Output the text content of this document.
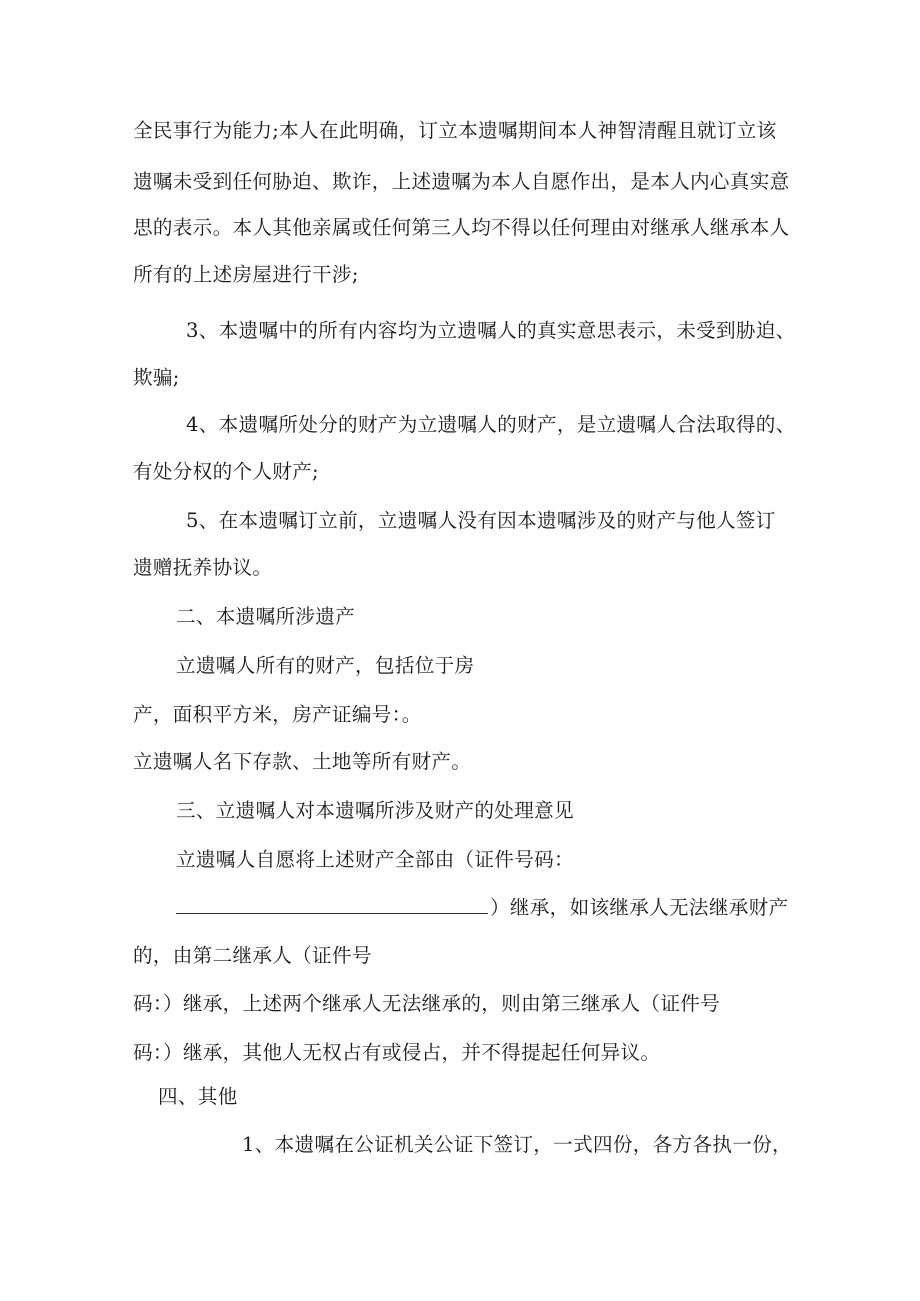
全民事行为能力;本人在此明确，订立本遗嘱期间本人神智清醒且就订立该
遗嘱未受到任何胁迫、欺诈，上述遗嘱为本人自愿作出，是本人内心真实意
思的表示。本人其他亲属或任何第三人均不得以任何理由对继承人继承本人
所有的上述房屋进行干涉;
3、本遗嘱中的所有内容均为立遗嘱人的真实意思表示，未受到胁迫、
欺骗;
4、本遗嘱所处分的财产为立遗嘱人的财产，是立遗嘱人合法取得的、
有处分权的个人财产;
5、在本遗嘱订立前，立遗嘱人没有因本遗嘱涉及的财产与他人签订
遗赠抚养协议。
二、本遗嘱所涉遗产
立遗嘱人所有的财产，包括位于房
产，面积平方米，房产证编号：。
立遗嘱人名下存款、土地等所有财产。
三、立遗嘱人对本遗嘱所涉及财产的处理意见
立遗嘱人自愿将上述财产全部由（证件号码：
）继承，如该继承人无法继承财产
的，由第二继承人（证件号
码：）继承，上述两个继承人无法继承的，则由第三继承人（证件号
码：）继承，其他人无权占有或侵占，并不得提起任何异议。
四、其他
1、本遗嘱在公证机关公证下签订，一式四份，各方各执一份，
